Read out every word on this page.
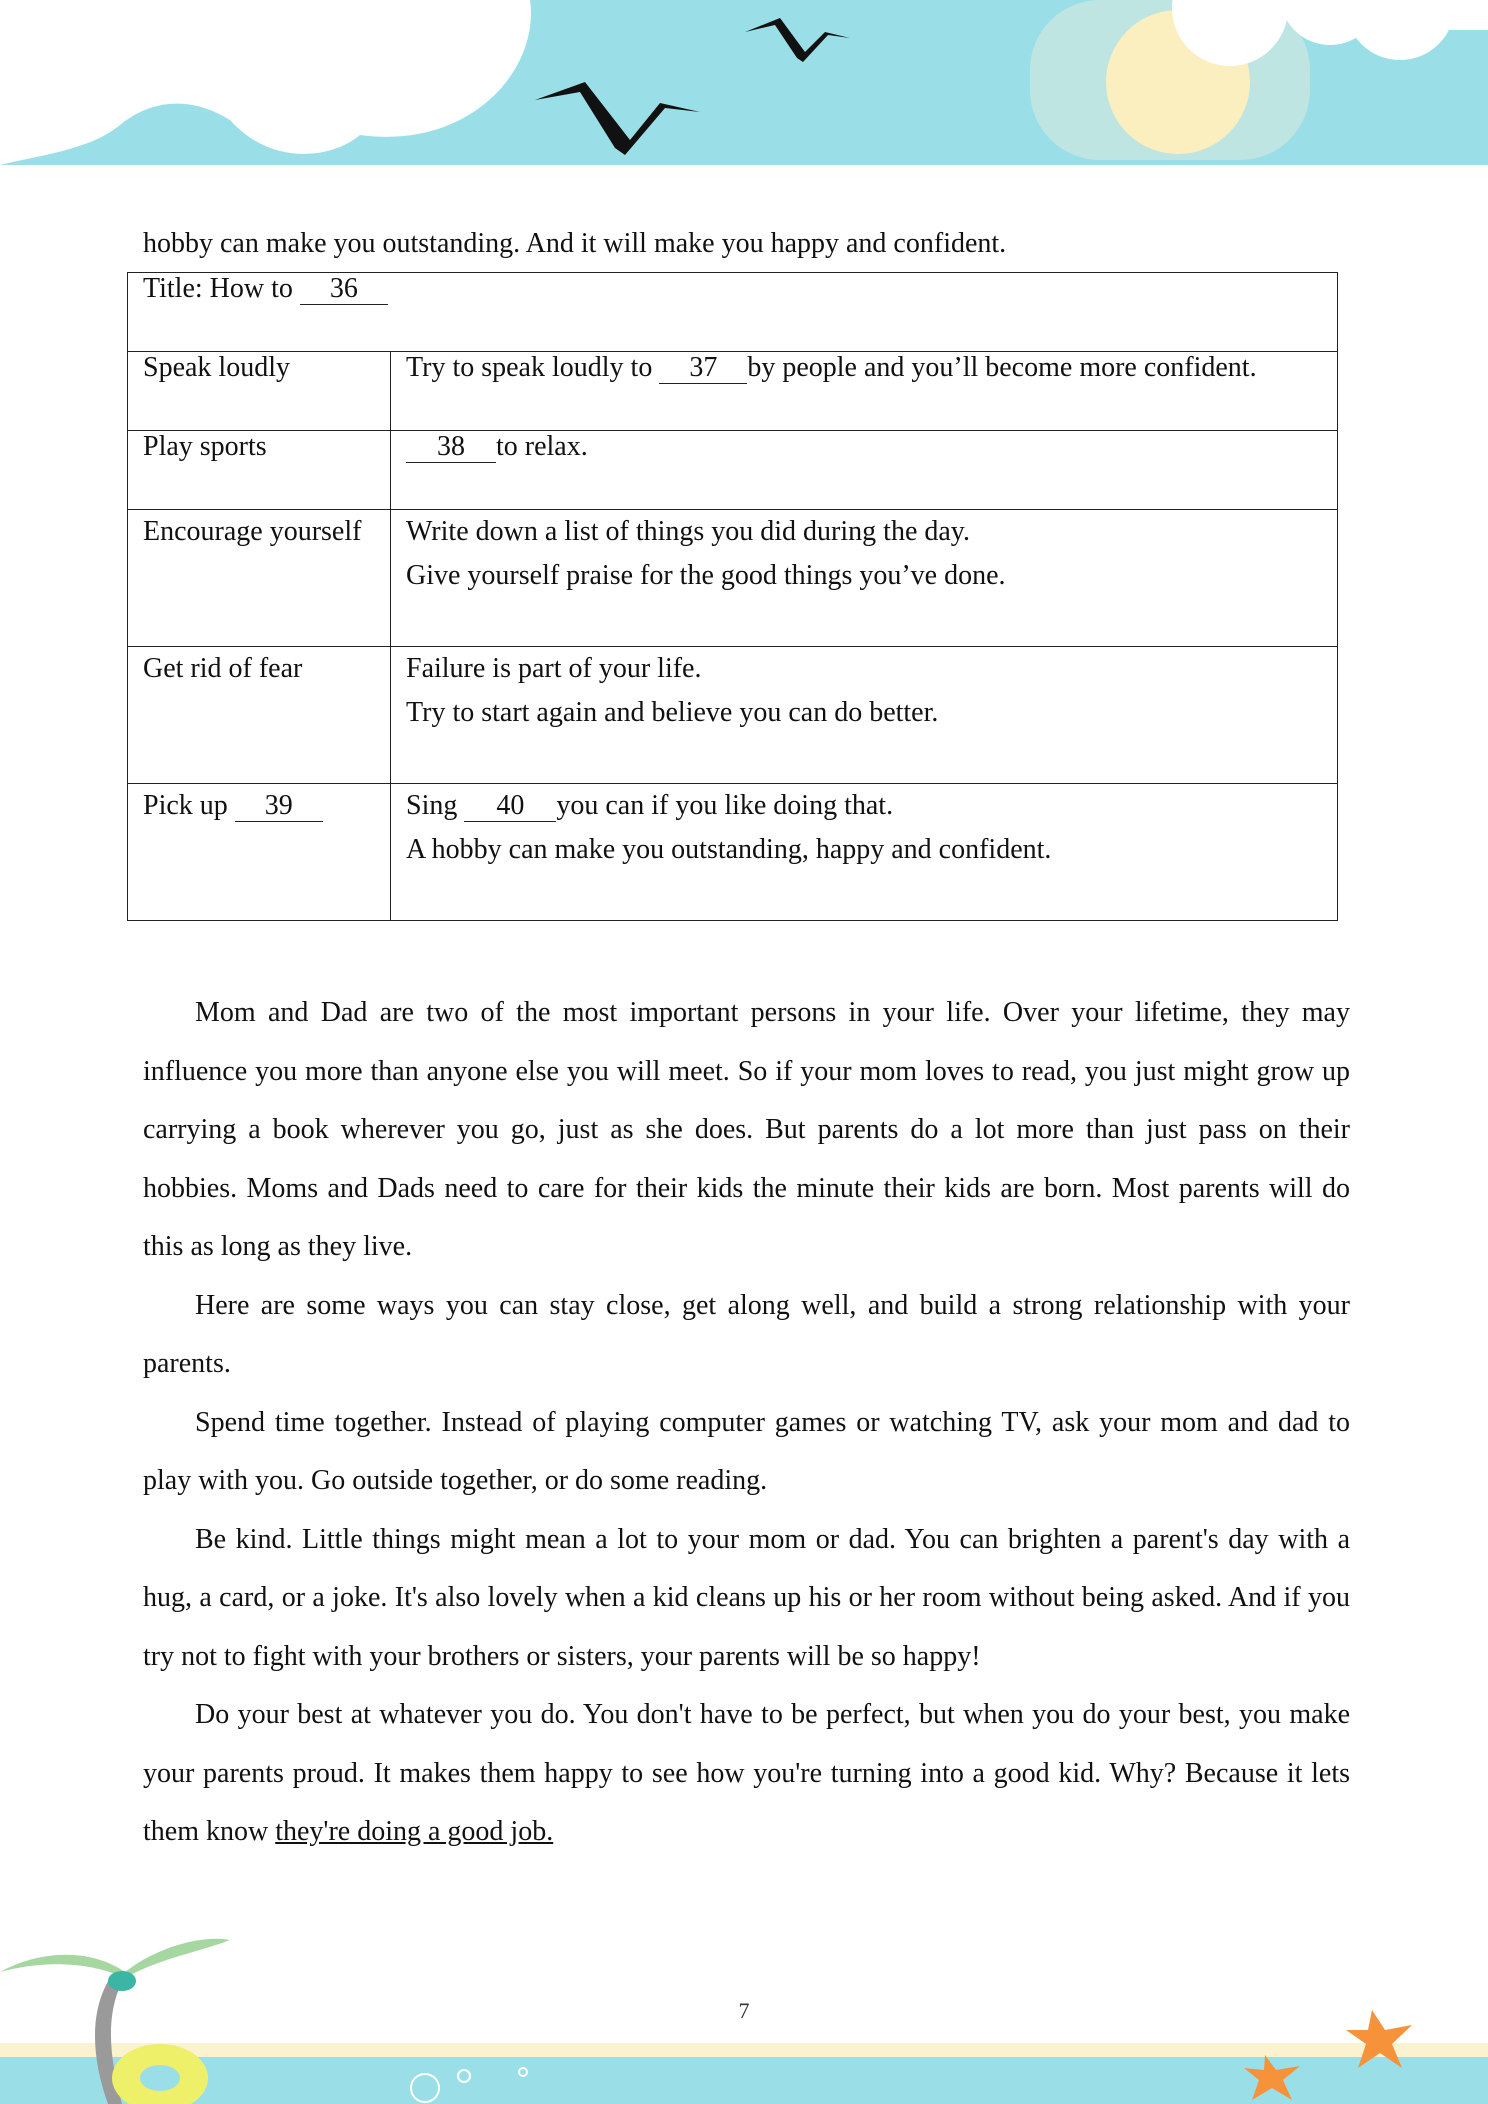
hobby can make you outstanding. And it will make you happy and confident.
Title: How to 36	
Speak loudly	Try to speak loudly to 37 by people and you’ll become more confident.
Play sports	38 to relax.

Encourage yourself	Write down a list of things you did during the day.
Give yourself praise for the good things you’ve done.

Get rid of fear	Failure is part of your life.
Try to start again and believe you can do better.

Pick up 39	Sing 40 you can if you like doing that.
A hobby can make you outstanding, happy and confident.

Mom and Dad are two of the most important persons in your life. Over your lifetime, they may influence you more than anyone else you will meet. So if your mom loves to read, you just might grow up carrying a book wherever you go, just as she does. But parents do a lot more than just pass on their hobbies. Moms and Dads need to care for their kids the minute their kids are born. Most parents will do this as long as they live.

Here are some ways you can stay close, get along well, and build a strong relationship with your parents.

Spend time together. Instead of playing computer games or watching TV, ask your mom and dad to play with you. Go outside together, or do some reading.

Be kind. Little things might mean a lot to your mom or dad. You can brighten a parent's day with a hug, a card, or a joke. It's also lovely when a kid cleans up his or her room without being asked. And if you try not to fight with your brothers or sisters, your parents will be so happy!

Do your best at whatever you do. You don't have to be perfect, but when you do your best, you make your parents proud. It makes them happy to see how you're turning into a good kid. Why? Because it lets them know they're doing a good job.

7
